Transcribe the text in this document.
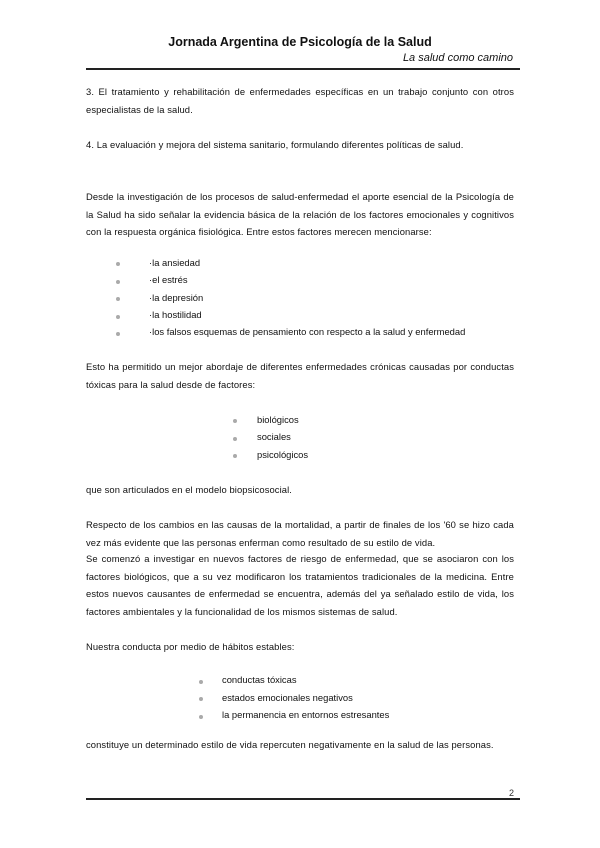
Jornada Argentina de Psicología de la Salud
La salud como camino
3. El tratamiento y rehabilitación de enfermedades específicas en un trabajo conjunto con otros especialistas de la salud.
4. La evaluación y mejora del sistema sanitario, formulando diferentes políticas de salud.
Desde la investigación de los procesos de salud-enfermedad el aporte esencial de la Psicología de la Salud ha sido señalar la evidencia básica de la relación de los factores emocionales y cognitivos con la respuesta orgánica fisiológica. Entre estos factores merecen mencionarse:
·la ansiedad
·el estrés
·la depresión
·la hostilidad
·los falsos esquemas de pensamiento con respecto a la salud y enfermedad
Esto ha permitido un mejor abordaje de diferentes enfermedades crónicas causadas por conductas tóxicas para la salud desde de factores:
biológicos
sociales
psicológicos
que son articulados en el modelo biopsicosocial.
Respecto de los cambios en las causas de la mortalidad, a partir de finales de los '60 se hizo cada vez más evidente que las personas enferman como resultado de su estilo de vida.
Se comenzó a investigar en nuevos factores de riesgo de enfermedad, que se asociaron con los factores biológicos, que a su vez modificaron los tratamientos tradicionales de la medicina. Entre estos nuevos causantes de enfermedad se encuentra, además del ya señalado estilo de vida, los factores ambientales y la funcionalidad de los mismos sistemas de salud.
Nuestra conducta por medio de hábitos estables:
conductas tóxicas
estados emocionales negativos
la permanencia en entornos estresantes
constituye un determinado estilo de vida repercuten negativamente en la salud de las personas.
2
